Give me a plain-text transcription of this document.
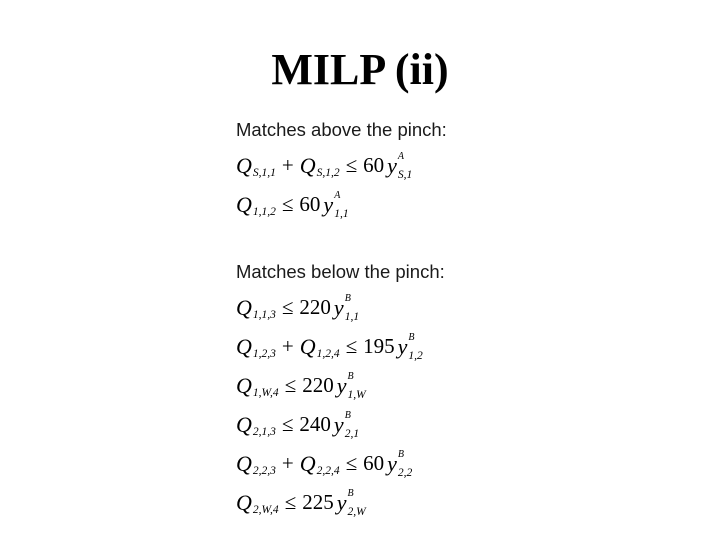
MILP (ii)
Matches above the pinch:
Q S,1,1 + Q S,1,2 ≤ 60 y A
S,1
Q 1,1,2 ≤ 60 y A
1,1
Matches below the pinch:
Q 1,1,3 ≤ 220 y B
1,1
Q 1,2,3 + Q 1,2,4 ≤ 195 y B
1,2
Q 1,W,4 ≤ 220 y B
1,W
Q 2,1,3 ≤ 240 y B
2,1
Q 2,2,3 + Q 2,2,4 ≤ 60 y B
2,2
Q 2,W,4 ≤ 225 y B
2,W
